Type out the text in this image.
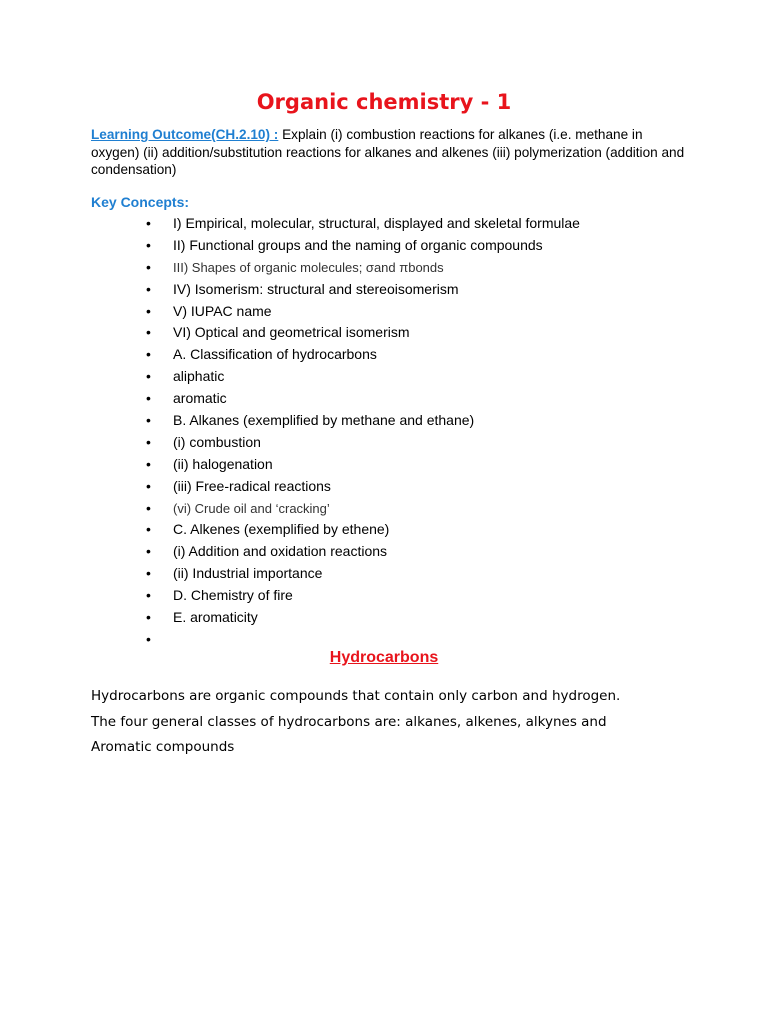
Organic chemistry - 1

Learning Outcome(CH.2.10) : Explain (i) combustion reactions for alkanes (i.e. methane in oxygen) (ii) addition/substitution reactions for alkanes and alkenes (iii) polymerization (addition and condensation)

Key Concepts:

• I) Empirical, molecular, structural, displayed and skeletal formulae
• II) Functional groups and the naming of organic compounds
• III) Shapes of organic molecules; σand πbonds
• IV) Isomerism: structural and stereoisomerism
• V) IUPAC name
• VI) Optical and geometrical isomerism
• A. Classification of hydrocarbons
• aliphatic
• aromatic
• B. Alkanes (exemplified by methane and ethane)
• (i) combustion
• (ii) halogenation
• (iii) Free-radical reactions
• (vi) Crude oil and ‘cracking’
• C. Alkenes (exemplified by ethene)
• (i) Addition and oxidation reactions
• (ii) Industrial importance
• D. Chemistry of fire
• E. aromaticity
•
Hydrocarbons

Hydrocarbons are organic compounds that contain only carbon and hydrogen.
The four general classes of hydrocarbons are: alkanes, alkenes, alkynes and
Aromatic compounds
